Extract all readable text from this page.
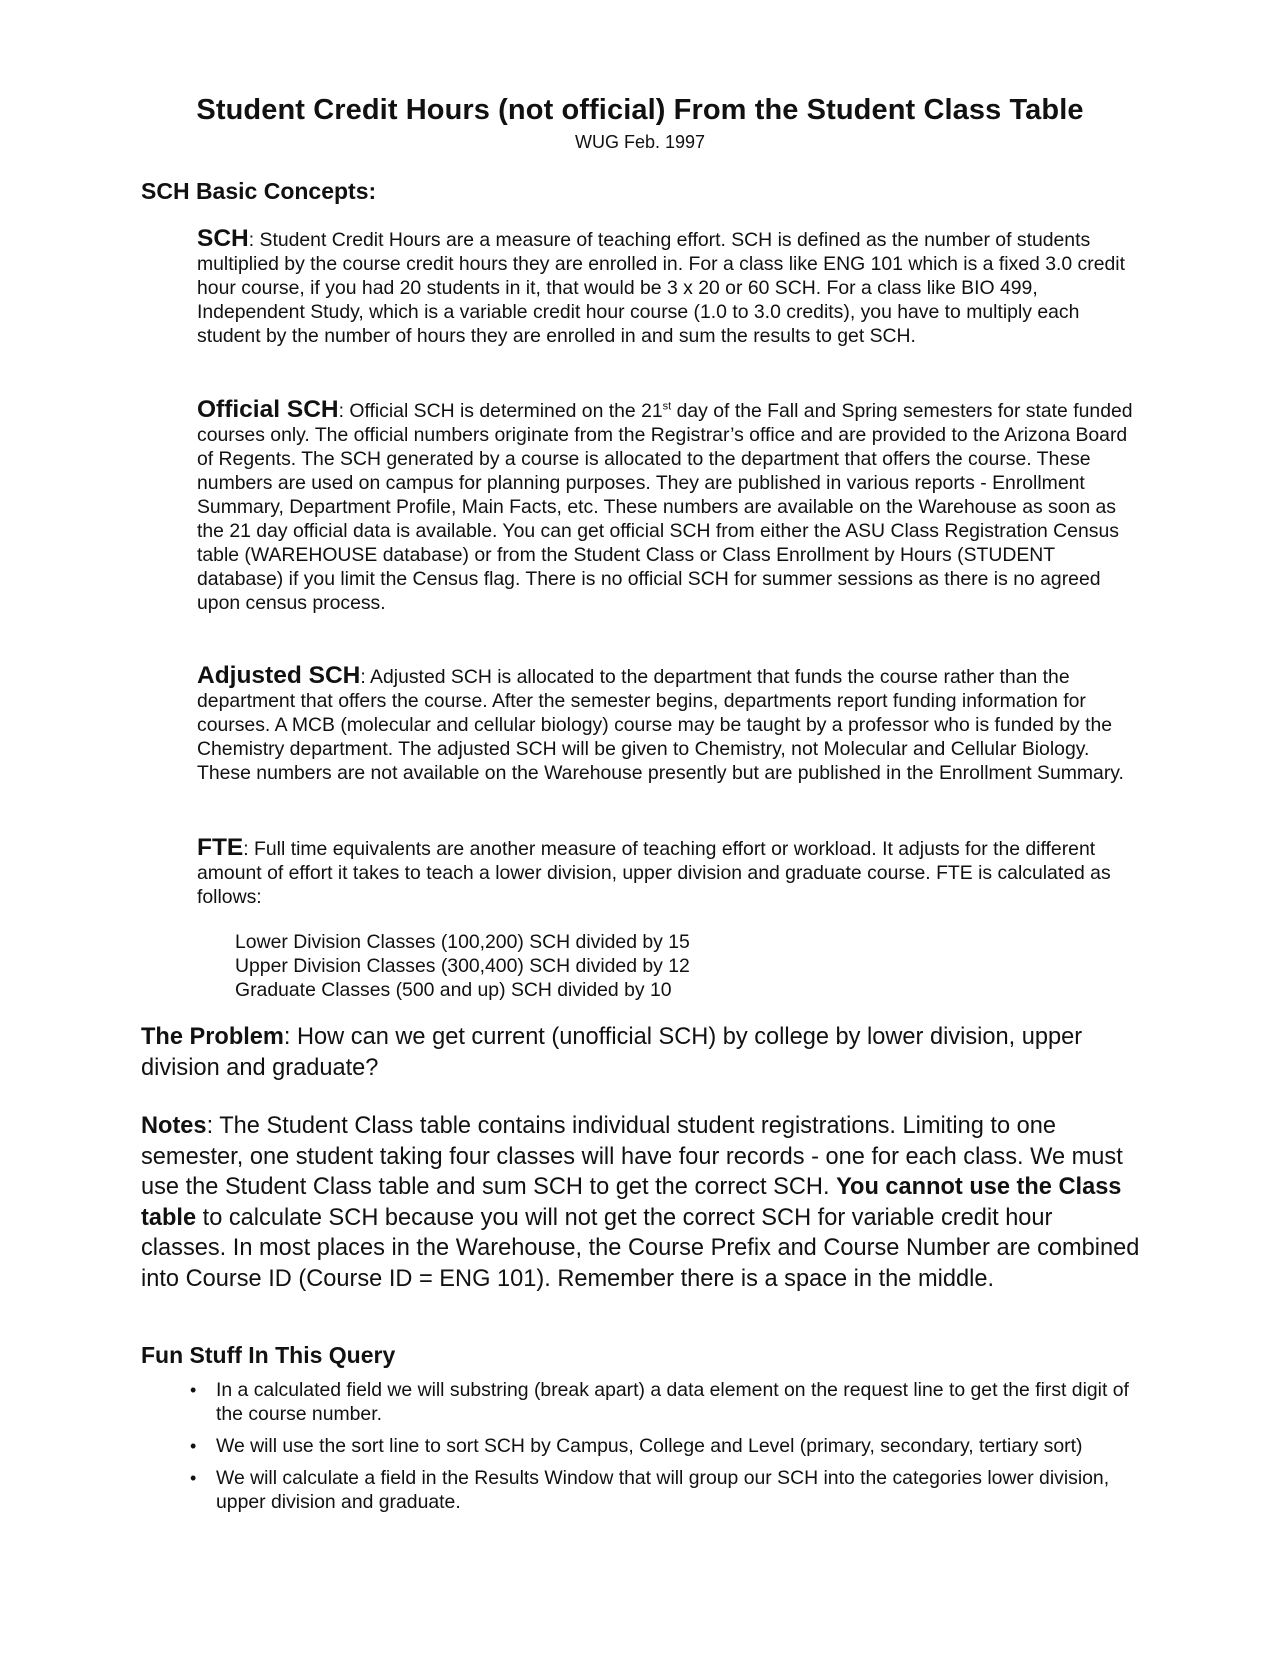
Student Credit Hours (not official) From the Student Class Table
WUG Feb. 1997
SCH Basic Concepts:

SCH: Student Credit Hours are a measure of teaching effort. SCH is defined as the number of students multiplied by the course credit hours they are enrolled in. For a class like ENG 101 which is a fixed 3.0 credit hour course, if you had 20 students in it, that would be 3 x 20 or 60 SCH. For a class like BIO 499, Independent Study, which is a variable credit hour course (1.0 to 3.0 credits), you have to multiply each student by the number of hours they are enrolled in and sum the results to get SCH.

Official SCH: Official SCH is determined on the 21st day of the Fall and Spring semesters for state funded courses only. The official numbers originate from the Registrar’s office and are provided to the Arizona Board of Regents. The SCH generated by a course is allocated to the department that offers the course. These numbers are used on campus for planning purposes. They are published in various reports - Enrollment Summary, Department Profile, Main Facts, etc. These numbers are available on the Warehouse as soon as the 21 day official data is available. You can get official SCH from either the ASU Class Registration Census table (WAREHOUSE database) or from the Student Class or Class Enrollment by Hours (STUDENT database) if you limit the Census flag. There is no official SCH for summer sessions as there is no agreed upon census process.

Adjusted SCH: Adjusted SCH is allocated to the department that funds the course rather than the department that offers the course. After the semester begins, departments report funding information for courses. A MCB (molecular and cellular biology) course may be taught by a professor who is funded by the Chemistry department. The adjusted SCH will be given to Chemistry, not Molecular and Cellular Biology. These numbers are not available on the Warehouse presently but are published in the Enrollment Summary.

FTE: Full time equivalents are another measure of teaching effort or workload. It adjusts for the different amount of effort it takes to teach a lower division, upper division and graduate course. FTE is calculated as follows:

Lower Division Classes (100,200) SCH divided by 15
Upper Division Classes (300,400) SCH divided by 12
Graduate Classes (500 and up) SCH divided by 10

The Problem: How can we get current (unofficial SCH) by college by lower division, upper division and graduate?

Notes: The Student Class table contains individual student registrations. Limiting to one semester, one student taking four classes will have four records - one for each class. We must use the Student Class table and sum SCH to get the correct SCH. You cannot use the Class table to calculate SCH because you will not get the correct SCH for variable credit hour classes. In most places in the Warehouse, the Course Prefix and Course Number are combined into Course ID (Course ID = ENG 101). Remember there is a space in the middle.

Fun Stuff In This Query
• In a calculated field we will substring (break apart) a data element on the request line to get the first digit of the course number.
• We will use the sort line to sort SCH by Campus, College and Level (primary, secondary, tertiary sort)
• We will calculate a field in the Results Window that will group our SCH into the categories lower division, upper division and graduate.
